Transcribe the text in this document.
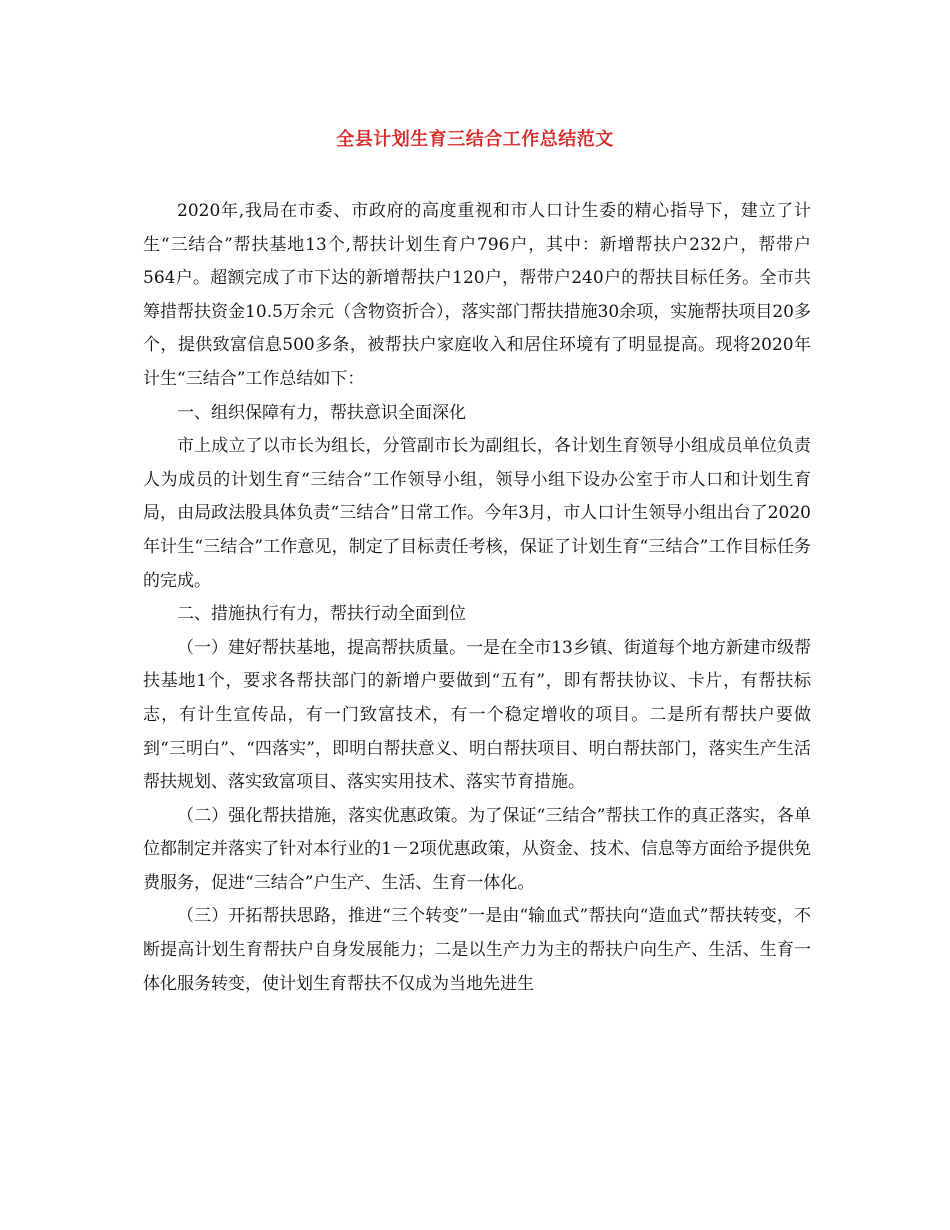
全县计划生育三结合工作总结范文

2020年,我局在市委、市政府的高度重视和市人口计生委的精心指导下，建立了计生“三结合”帮扶基地13个,帮扶计划生育户796户，其中：新增帮扶户232户，帮带户564户。超额完成了市下达的新增帮扶户120户，帮带户240户的帮扶目标任务。全市共筹措帮扶资金10.5万余元（含物资折合），落实部门帮扶措施30余项，实施帮扶项目20多个，提供致富信息500多条，被帮扶户家庭收入和居住环境有了明显提高。现将2020年计生“三结合”工作总结如下：

一、组织保障有力，帮扶意识全面深化

市上成立了以市长为组长，分管副市长为副组长，各计划生育领导小组成员单位负责人为成员的计划生育“三结合”工作领导小组，领导小组下设办公室于市人口和计划生育局，由局政法股具体负责“三结合”日常工作。今年3月，市人口计生领导小组出台了2020年计生“三结合”工作意见，制定了目标责任考核，保证了计划生育“三结合”工作目标任务的完成。

二、措施执行有力，帮扶行动全面到位

（一）建好帮扶基地，提高帮扶质量。一是在全市13乡镇、街道每个地方新建市级帮扶基地1个，要求各帮扶部门的新增户要做到“五有”，即有帮扶协议、卡片，有帮扶标志，有计生宣传品，有一门致富技术，有一个稳定增收的项目。二是所有帮扶户要做到“三明白”、“四落实”，即明白帮扶意义、明白帮扶项目、明白帮扶部门，落实生产生活帮扶规划、落实致富项目、落实实用技术、落实节育措施。

（二）强化帮扶措施，落实优惠政策。为了保证“三结合”帮扶工作的真正落实，各单位都制定并落实了针对本行业的1－2项优惠政策，从资金、技术、信息等方面给予提供免费服务，促进“三结合”户生产、生活、生育一体化。

（三）开拓帮扶思路，推进“三个转变”一是由“输血式”帮扶向“造血式”帮扶转变，不断提高计划生育帮扶户自身发展能力；二是以生产力为主的帮扶户向生产、生活、生育一体化服务转变，使计划生育帮扶不仅成为当地先进生
